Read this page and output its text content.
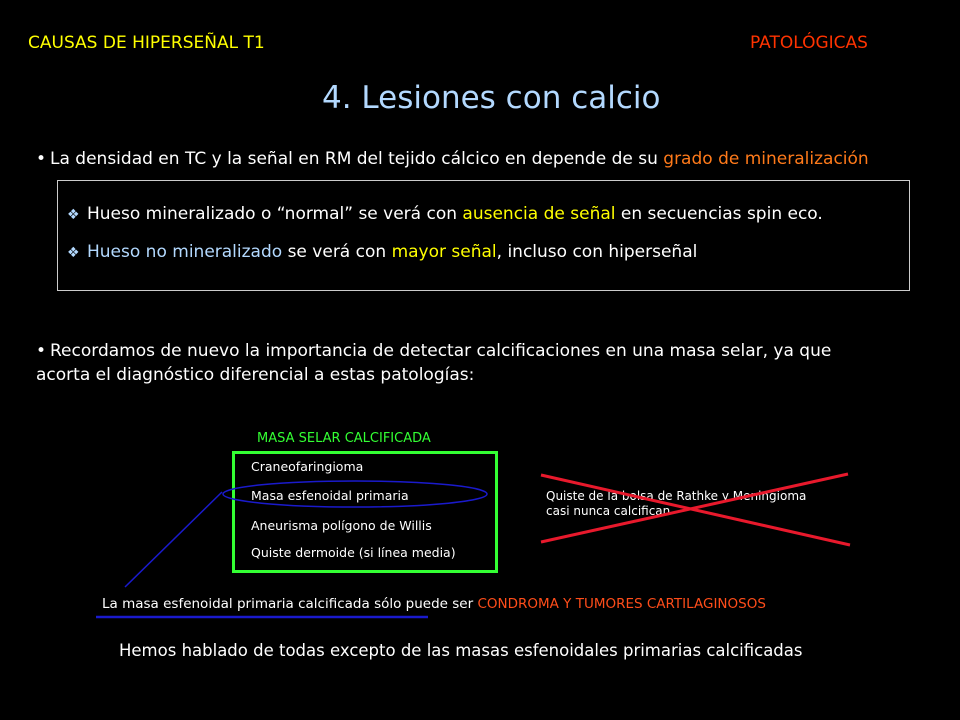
CAUSAS DE HIPERSEÑAL T1	PATOLÓGICAS
4. Lesiones con calcio
• La densidad en TC y la señal en RM del tejido cálcico en depende de su grado de mineralización
❖ Hueso mineralizado o “normal” se verá con ausencia de señal en secuencias spin eco.
❖ Hueso no mineralizado se verá con mayor señal, incluso con hiperseñal
• Recordamos de nuevo la importancia de detectar calcificaciones en una masa selar, ya que
acorta el diagnóstico diferencial a estas patologías:
MASA SELAR CALCIFICADA
Craneofaringioma
Masa esfenoidal primaria
Aneurisma polígono de Willis
Quiste dermoide (si línea media)
Quiste de la bolsa de Rathke y Meningioma
casi nunca calcifican
La masa esfenoidal primaria calcificada sólo puede ser CONDROMA Y TUMORES CARTILAGINOSOS
Hemos hablado de todas excepto de las masas esfenoidales primarias calcificadas
